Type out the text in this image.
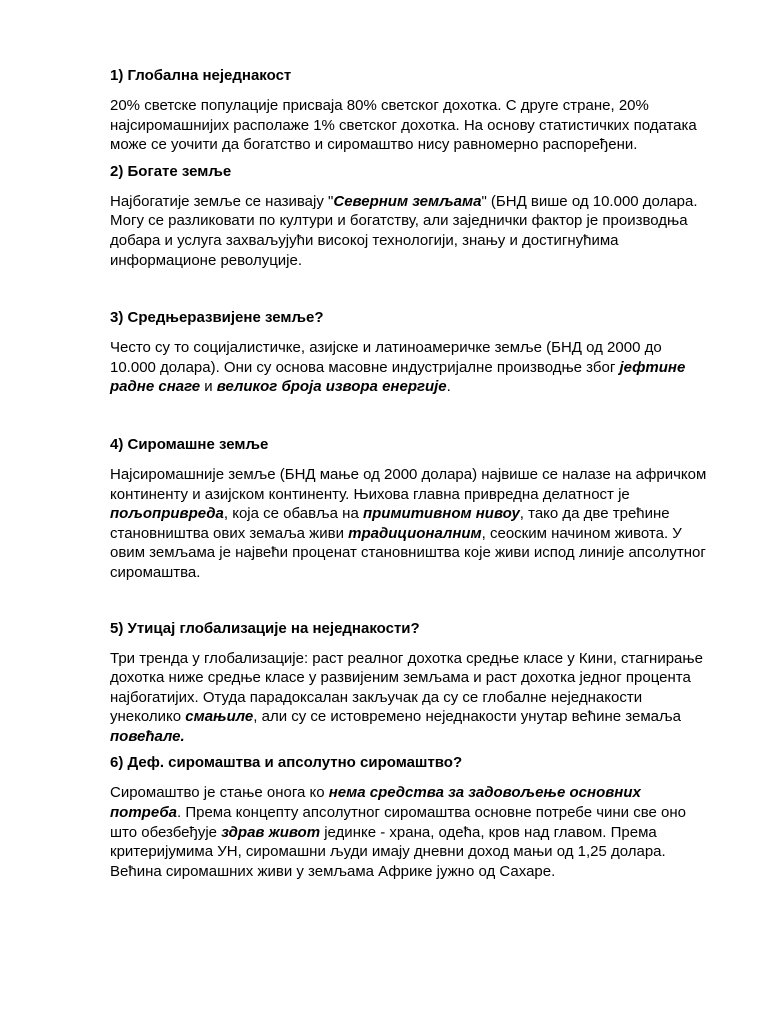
1) Глобална неједнакост

20% светске популације присваја 80% светског дохотка. С друге стране, 20% најсиромашнијих располаже 1% светског дохотка. На основу статистичких података може се уочити да богатство и сиромаштво нису равномерно распоређени.

2) Богате земље

Најбогатије земље се називају "Северним земљама" (БНД више од 10.000 долара. Могу се разликовати по култури и богатству, али заједнички фактор је производња добара и услуга захваљујући високој технологији, знању и достигнућима информационе револуције.

3) Средњеразвијене земље?

Често су то социјалистичке, азијске и латиноамеричке земље (БНД од 2000 до 10.000 долара). Они су основа масовне индустријалне производње због јефтине радне снаге и великог броја извора енергије.

4) Сиромашне земље

Најсиромашније земље (БНД мање од 2000 долара) највише се налазе на афричком континенту и азијском континенту. Њихова главна привредна делатност је пољопривреда, која се обавља на примитивном нивоу, тако да две трећине становништва ових земаља живи традиционалним, сеоским начином живота. У овим земљама је највећи проценат становништва које живи испод линије апсолутног сиромаштва.

5) Утицај глобализације на неједнакости?

Три тренда у глобализације: раст реалног дохотка средње класе у Кини, стагнирање дохотка ниже средње класе у развијеним земљама и раст дохотка једног процента најбогатијих. Отуда парадоксалан закључак да су се глобалне неједнакости унеколико смањиле, али су се истовремено неједнакости унутар већине земаља повећале.

6) Деф. сиромаштва и апсолутно сиромаштво?

Сиромаштво је стање онога ко нема средства за задовољење основних потреба. Према концепту апсолутног сиромаштва основне потребе чини све оно што обезбеђује здрав живот јединке - храна, одећа, кров над главом. Према критеријумима УН, сиромашни људи имају дневни доход мањи од 1,25 долара. Већина сиромашних живи у земљама Африке јужно од Сахаре.
